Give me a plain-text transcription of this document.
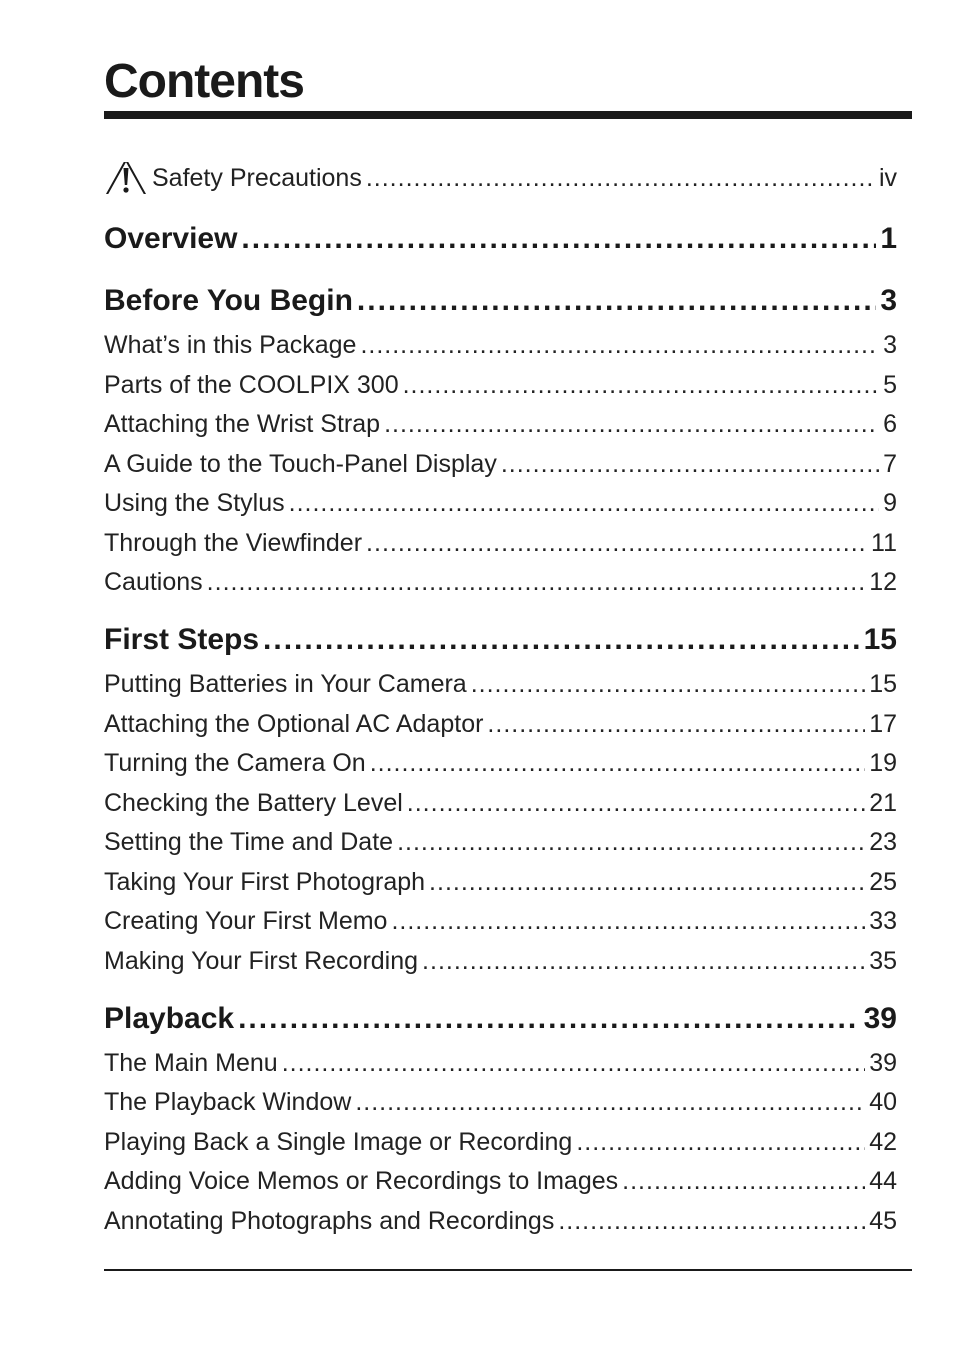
Contents
Safety Precautions .....	iv
Overview .....	1
Before You Begin .....	3
What’s in this Package .....	3
Parts of the COOLPIX 300 .....	5
Attaching the Wrist Strap .....	6
A Guide to the Touch-Panel Display .....	7
Using the Stylus .....	9
Through the Viewfinder .....	11
Cautions .....	12
First Steps .....	15
Putting Batteries in Your Camera .....	15
Attaching the Optional AC Adaptor .....	17
Turning the Camera On .....	19
Checking the Battery Level .....	21
Setting the Time and Date .....	23
Taking Your First Photograph .....	25
Creating Your First Memo .....	33
Making Your First Recording .....	35
Playback .....	39
The Main Menu .....	39
The Playback Window .....	40
Playing Back a Single Image or Recording .....	42
Adding Voice Memos or Recordings to Images .....	44
Annotating Photographs and Recordings .....	45
